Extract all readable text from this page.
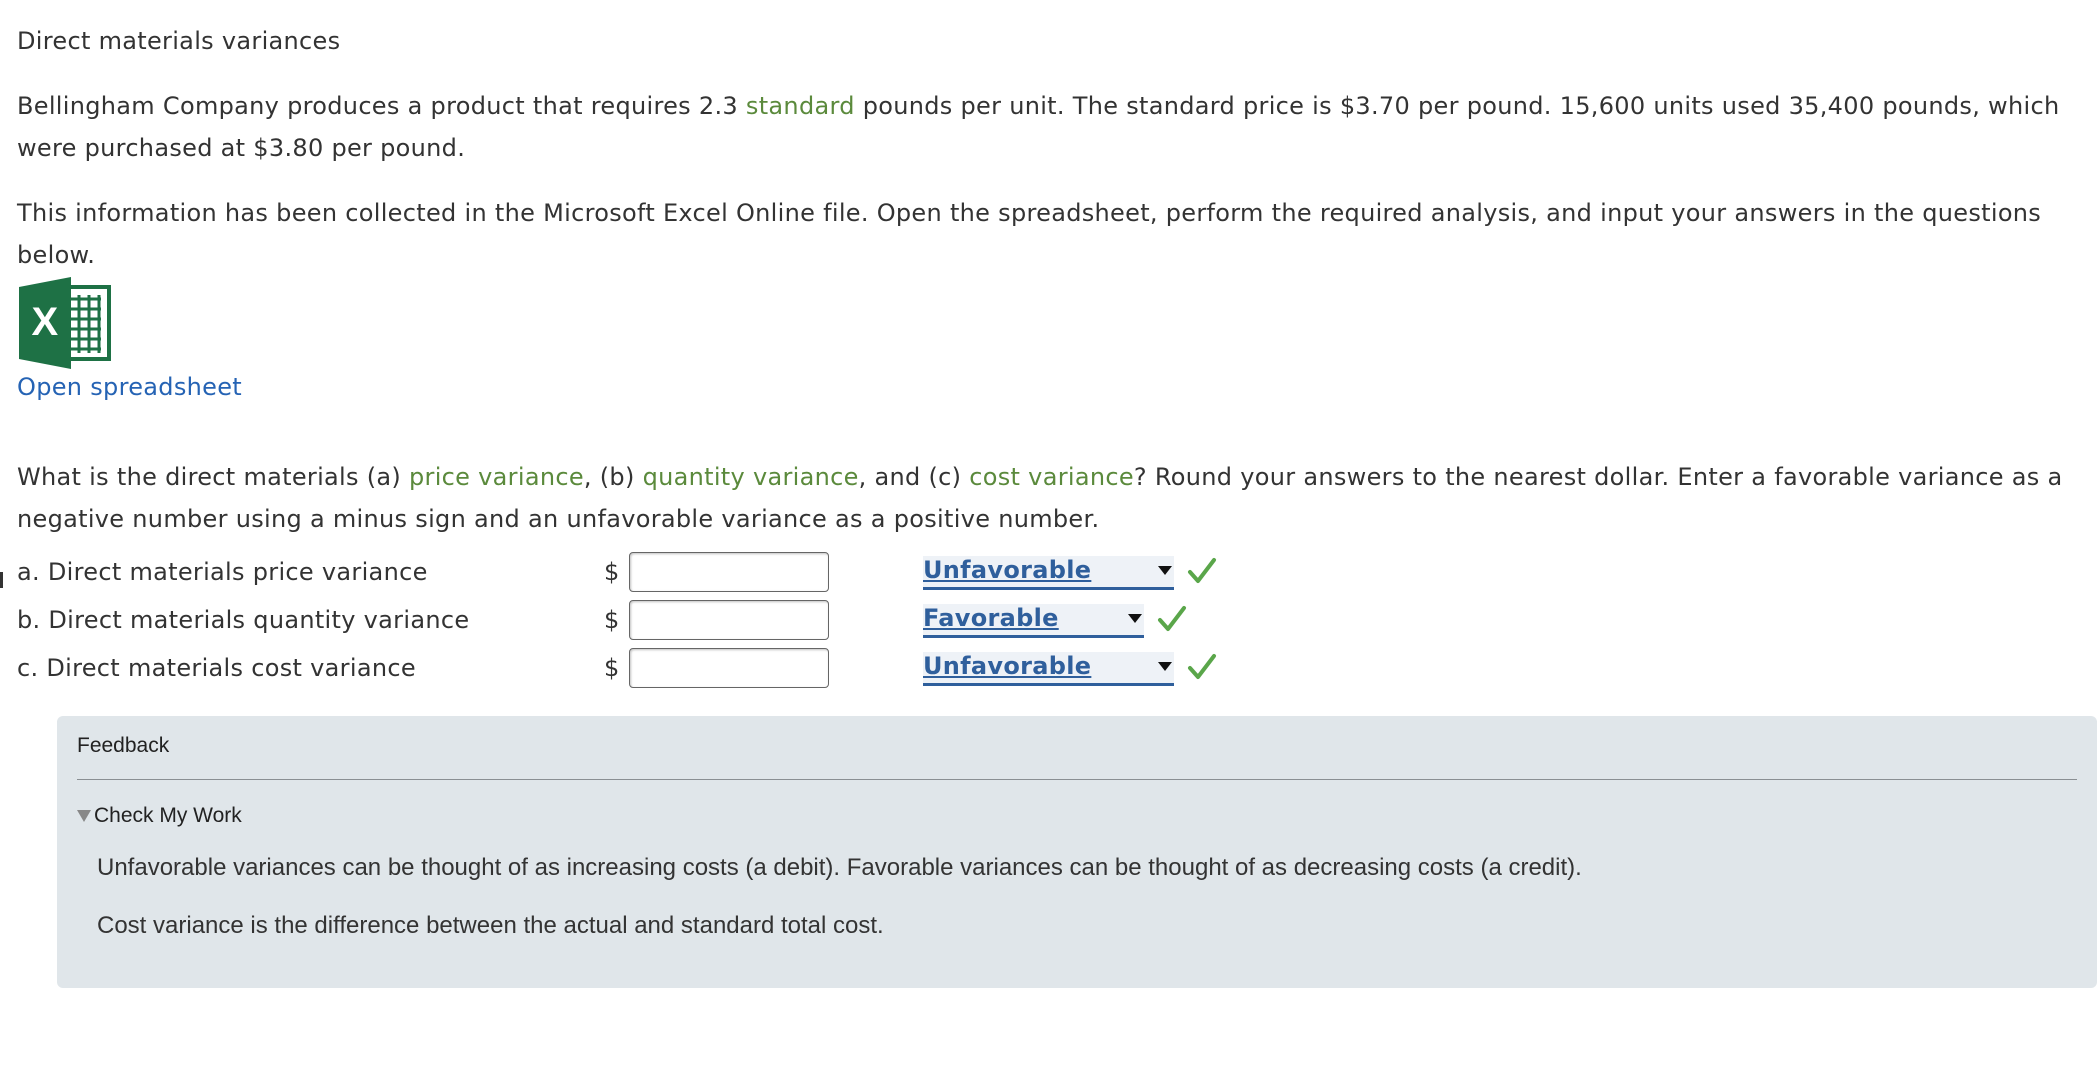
Direct materials variances

Bellingham Company produces a product that requires 2.3 standard pounds per unit. The standard price is $3.70 per pound. 15,600 units used 35,400 pounds, which were purchased at $3.80 per pound.

This information has been collected in the Microsoft Excel Online file. Open the spreadsheet, perform the required analysis, and input your answers in the questions below.

X
Open spreadsheet

What is the direct materials (a) price variance, (b) quantity variance, and (c) cost variance? Round your answers to the nearest dollar. Enter a favorable variance as a negative number using a minus sign and an unfavorable variance as a positive number.

a. Direct materials price variance	$	Unfavorable
b. Direct materials quantity variance	$	Favorable
c. Direct materials cost variance	$	Unfavorable
Feedback
Check My Work
Unfavorable variances can be thought of as increasing costs (a debit). Favorable variances can be thought of as decreasing costs (a credit).
Cost variance is the difference between the actual and standard total cost.
